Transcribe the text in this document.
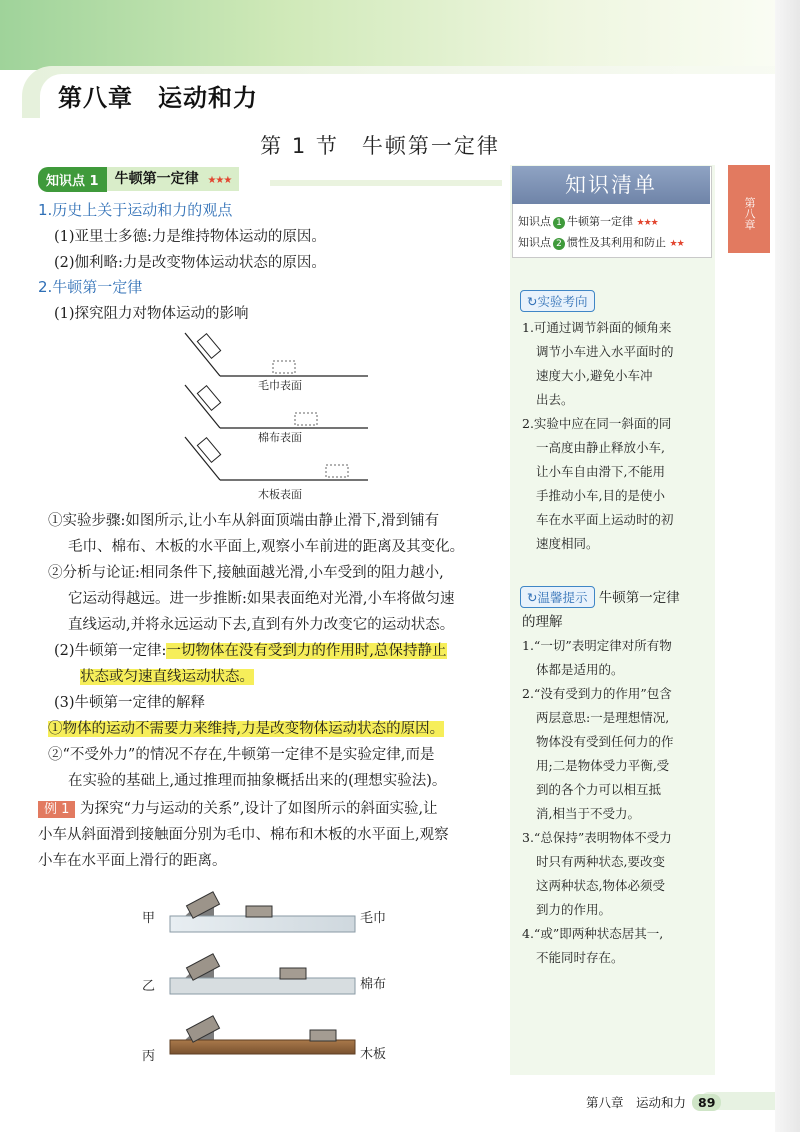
第八章　运动和力
第 1 节　牛顿第一定律
知识点 1	牛顿第一定律 ★★★
1.历史上关于运动和力的观点
(1)亚里士多德:力是维持物体运动的原因。
(2)伽利略:力是改变物体运动状态的原因。
2.牛顿第一定律
(1)探究阻力对物体运动的影响
毛巾表面
棉布表面
木板表面
①实验步骤:如图所示,让小车从斜面顶端由静止滑下,滑到铺有
毛巾、棉布、木板的水平面上,观察小车前进的距离及其变化。
②分析与论证:相同条件下,接触面越光滑,小车受到的阻力越小,
它运动得越远。进一步推断:如果表面绝对光滑,小车将做匀速
直线运动,并将永远运动下去,直到有外力改变它的运动状态。
(2)牛顿第一定律:一切物体在没有受到力的作用时,总保持静止
状态或匀速直线运动状态。
(3)牛顿第一定律的解释
①物体的运动不需要力来维持,力是改变物体运动状态的原因。
②“不受外力”的情况不存在,牛顿第一定律不是实验定律,而是
在实验的基础上,通过推理而抽象概括出来的(理想实验法)。
例 1 为探究“力与运动的关系”,设计了如图所示的斜面实验,让
小车从斜面滑到接触面分别为毛巾、棉布和木板的水平面上,观察
小车在水平面上滑行的距离。
甲	毛巾
乙	棉布
丙	木板
知识清单
知识点 1 牛顿第一定律 ★★★
知识点 2 惯性及其利用和防止 ★★
↻实验考向
1.可通过调节斜面的倾角来
调节小车进入水平面时的
速度大小,避免小车冲
出去。
2.实验中应在同一斜面的同
一高度由静止释放小车,
让小车自由滑下,不能用
手推动小车,目的是使小
车在水平面上运动时的初
速度相同。
↻温馨提示 牛顿第一定律
的理解
1.“一切”表明定律对所有物
体都是适用的。
2.“没有受到力的作用”包含
两层意思:一是理想情况,
物体没有受到任何力的作
用;二是物体受力平衡,受
到的各个力可以相互抵
消,相当于不受力。
3.“总保持”表明物体不受力
时只有两种状态,要改变
这两种状态,物体必须受
到力的作用。
4.“或”即两种状态居其一,
不能同时存在。
第八章
第八章　运动和力 89
